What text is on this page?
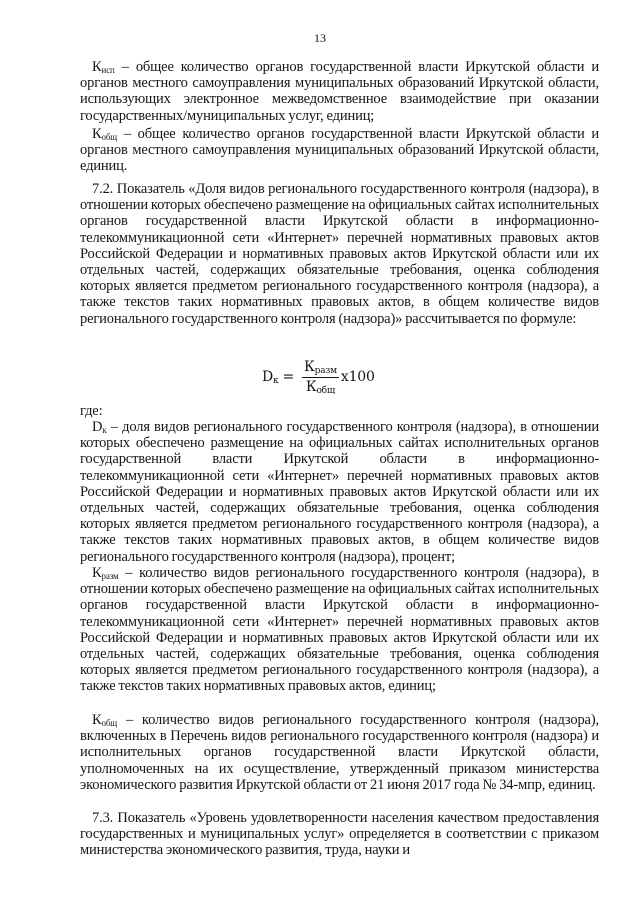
13

$К_{исп}$ – общее количество органов государственной власти Иркутской области и органов местного самоуправления муниципальных образований Иркутской области, использующих электронное межведомственное взаимодействие при оказании государственных/муниципальных услуг, единиц;

$К_{общ}$ – общее количество органов государственной власти Иркутской области и органов местного самоуправления муниципальных образований Иркутской области, единиц.

7.2. Показатель «Доля видов регионального государственного контроля (надзора), в отношении которых обеспечено размещение на официальных сайтах исполнительных органов государственной власти Иркутской области в информационно-телекоммуникационной сети «Интернет» перечней нормативных правовых актов Российской Федерации и нормативных правовых актов Иркутской области или их отдельных частей, содержащих обязательные требования, оценка соблюдения которых является предметом регионального государственного контроля (надзора), а также текстов таких нормативных правовых актов, в общем количестве видов регионального государственного контроля (надзора)» рассчитывается по формуле:

$D_к = \frac{К_{разм}}{К_{общ}} х100$

где:

$D_к$ – доля видов регионального государственного контроля (надзора), в отношении которых обеспечено размещение на официальных сайтах исполнительных органов государственной власти Иркутской области в информационно-телекоммуникационной сети «Интернет» перечней нормативных правовых актов Российской Федерации и нормативных правовых актов Иркутской области или их отдельных частей, содержащих обязательные требования, оценка соблюдения которых является предметом регионального государственного контроля (надзора), а также текстов таких нормативных правовых актов, в общем количестве видов регионального государственного контроля (надзора), процент;

$К_{разм}$ – количество видов регионального государственного контроля (надзора), в отношении которых обеспечено размещение на официальных сайтах исполнительных органов государственной власти Иркутской области в информационно-телекоммуникационной сети «Интернет» перечней нормативных правовых актов Российской Федерации и нормативных правовых актов Иркутской области или их отдельных частей, содержащих обязательные требования, оценка соблюдения которых является предметом регионального государственного контроля (надзора), а также текстов таких нормативных правовых актов, единиц;

$К_{общ}$ – количество видов регионального государственного контроля (надзора), включенных в Перечень видов регионального государственного контроля (надзора) и исполнительных органов государственной власти Иркутской области, уполномоченных на их осуществление, утвержденный приказом министерства экономического развития Иркутской области от 21 июня 2017 года № 34-мпр, единиц.

7.3. Показатель «Уровень удовлетворенности населения качеством предоставления государственных и муниципальных услуг» определяется в соответствии с приказом министерства экономического развития, труда, науки и
